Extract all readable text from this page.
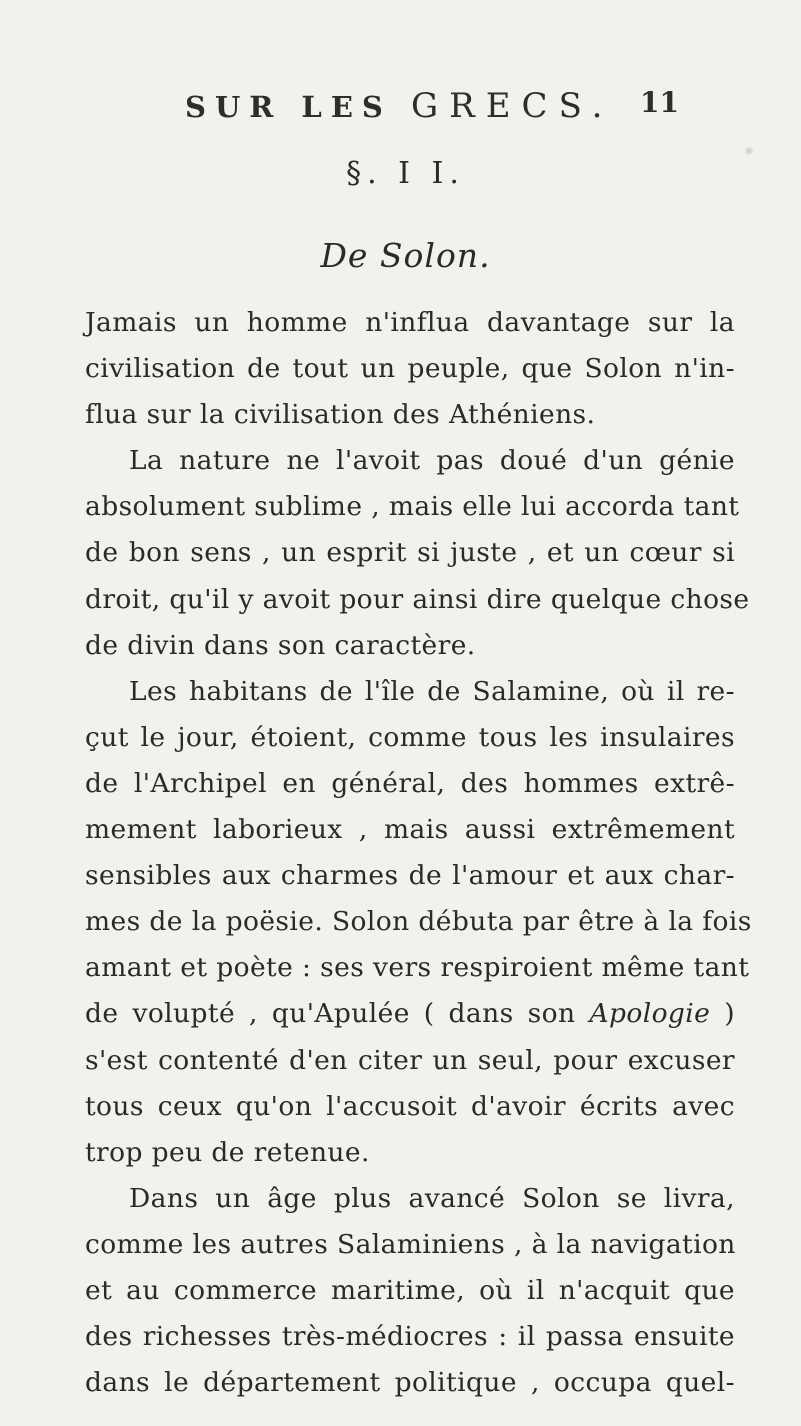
SUR LES GRECS. 11
§. I I.
De Solon.
Jamais un homme n'influa davantage sur la
civilisation de tout un peuple, que Solon n'in-
flua sur la civilisation des Athéniens.
La nature ne l'avoit pas doué d'un génie
absolument sublime , mais elle lui accorda tant
de bon sens , un esprit si juste , et un cœur si
droit, qu'il y avoit pour ainsi dire quelque chose
de divin dans son caractère.
Les habitans de l'île de Salamine, où il re-
çut le jour, étoient, comme tous les insulaires
de l'Archipel en général, des hommes extrê-
mement laborieux , mais aussi extrêmement
sensibles aux charmes de l'amour et aux char-
mes de la poësie. Solon débuta par être à la fois
amant et poète : ses vers respiroient même tant
de volupté , qu'Apulée ( dans son Apologie )
s'est contenté d'en citer un seul, pour excuser
tous ceux qu'on l'accusoit d'avoir écrits avec
trop peu de retenue.
Dans un âge plus avancé Solon se livra,
comme les autres Salaminiens , à la navigation
et au commerce maritime, où il n'acquit que
des richesses très-médiocres : il passa ensuite
dans le département politique , occupa quel-
